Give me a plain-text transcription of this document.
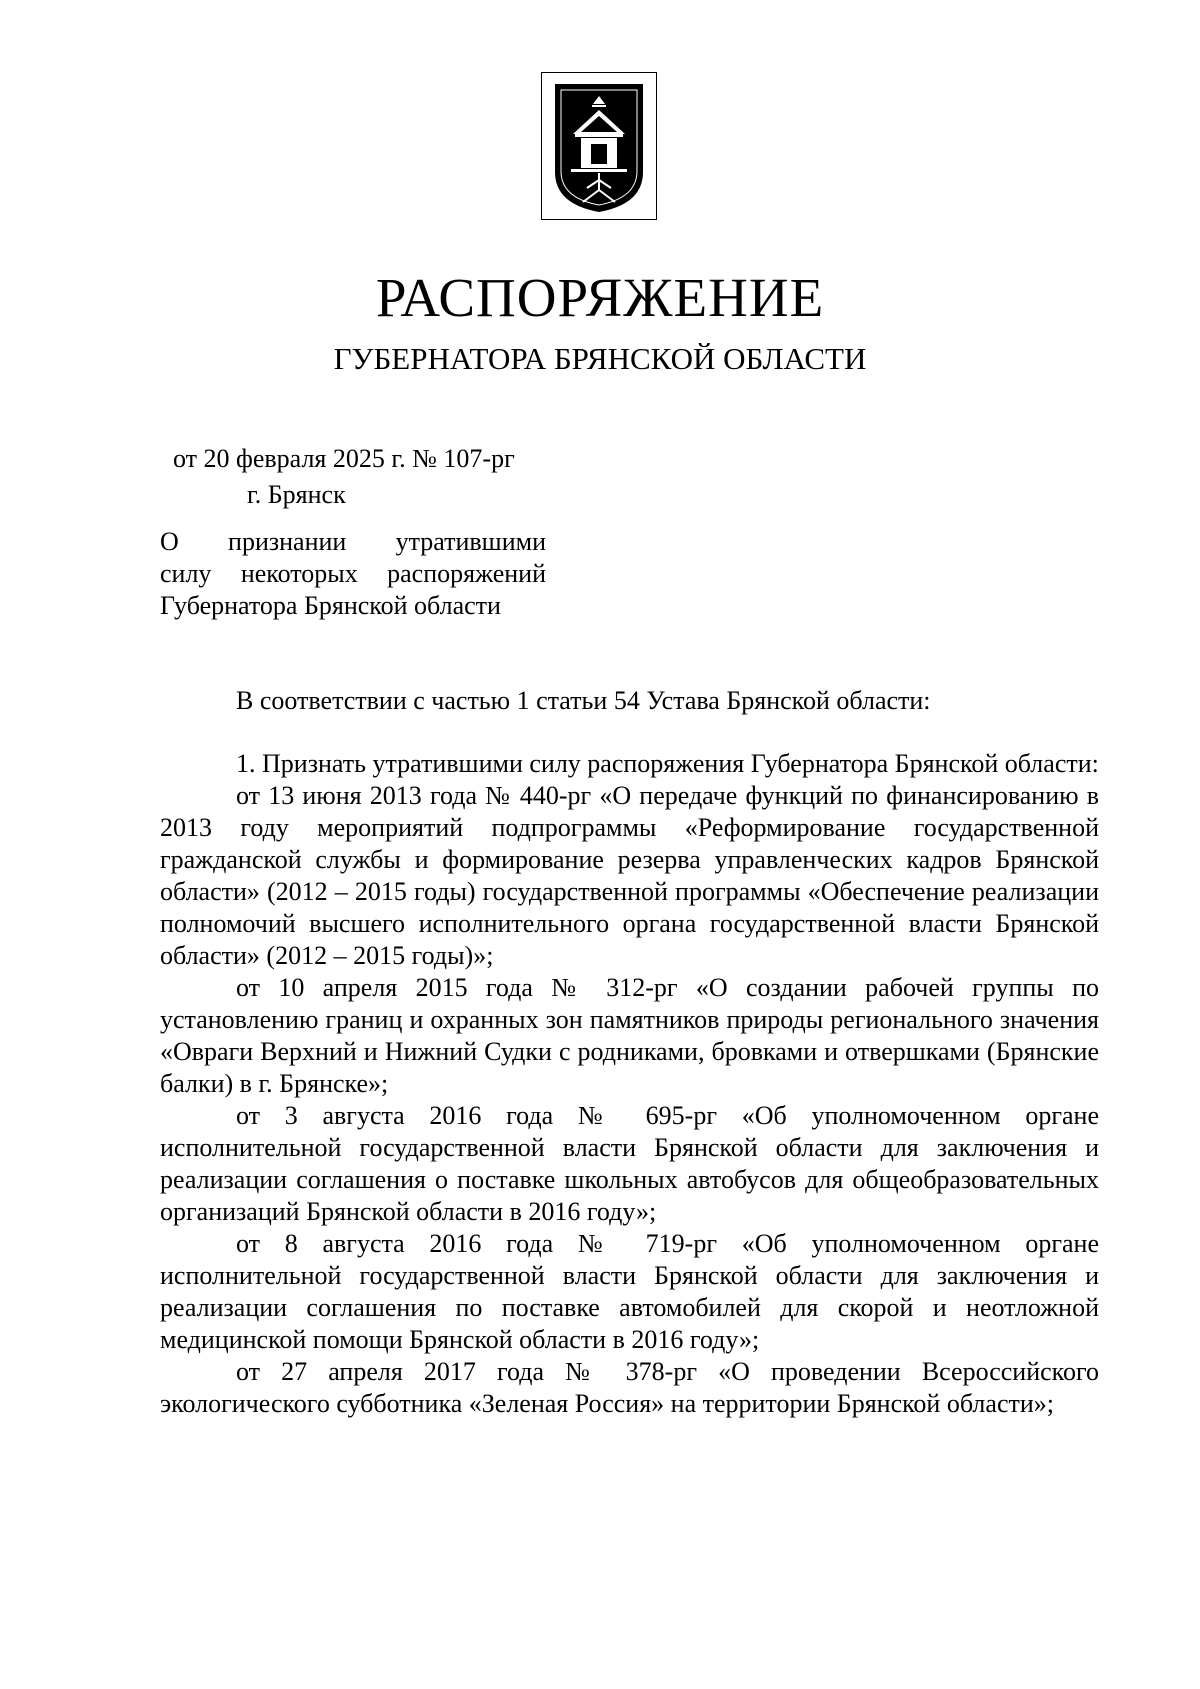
РАСПОРЯЖЕНИЕ
ГУБЕРНАТОРА БРЯНСКОЙ ОБЛАСТИ
от 20 февраля 2025 г. № 107-рг
г. Брянск
О признании утратившими
силу некоторых распоряжений
Губернатора Брянской области

В соответствии с частью 1 статьи 54 Устава Брянской области:

1. Признать утратившими силу распоряжения Губернатора Брянской области:

от 13 июня 2013 года № 440-рг «О передаче функций по финансированию в 2013 году мероприятий подпрограммы «Реформирование государственной гражданской службы и формирование резерва управленческих кадров Брянской области» (2012 – 2015 годы) государственной программы «Обеспечение реализации полномочий высшего исполнительного органа государственной власти Брянской области» (2012 – 2015 годы)»;

от 10 апреля 2015 года № 312-рг «О создании рабочей группы по установлению границ и охранных зон памятников природы регионального значения «Овраги Верхний и Нижний Судки с родниками, бровками и отвершками (Брянские балки) в г. Брянске»;

от 3 августа 2016 года № 695-рг «Об уполномоченном органе исполнительной государственной власти Брянской области для заключения и реализации соглашения о поставке школьных автобусов для общеобразовательных организаций Брянской области в 2016 году»;

от 8 августа 2016 года № 719-рг «Об уполномоченном органе исполнительной государственной власти Брянской области для заключения и реализации соглашения по поставке автомобилей для скорой и неотложной медицинской помощи Брянской области в 2016 году»;

от 27 апреля 2017 года № 378-рг «О проведении Всероссийского экологического субботника «Зеленая Россия» на территории Брянской области»;
